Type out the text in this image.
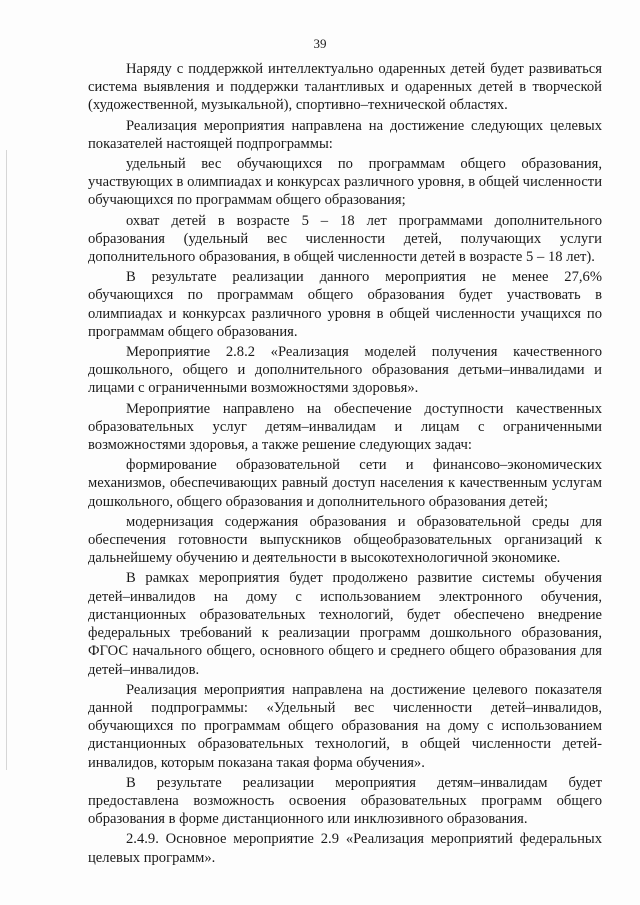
39

Наряду с поддержкой интеллектуально одаренных детей будет развиваться система выявления и поддержки талантливых и одаренных детей в творческой (художественной, музыкальной), спортивно–технической областях.

Реализация мероприятия направлена на достижение следующих целевых показателей настоящей подпрограммы:

удельный вес обучающихся по программам общего образования, участвующих в олимпиадах и конкурсах различного уровня, в общей численности обучающихся по программам общего образования;

охват детей в возрасте 5 – 18 лет программами дополнительного образования (удельный вес численности детей, получающих услуги дополнительного образования, в общей численности детей в возрасте 5 – 18 лет).

В результате реализации данного мероприятия не менее 27,6% обучающихся по программам общего образования будет участвовать в олимпиадах и конкурсах различного уровня в общей численности учащихся по программам общего образования.

Мероприятие 2.8.2 «Реализация моделей получения качественного дошкольного, общего и дополнительного образования детьми–инвалидами и лицами с ограниченными возможностями здоровья».

Мероприятие направлено на обеспечение доступности качественных образовательных услуг детям–инвалидам и лицам с ограниченными возможностями здоровья, а также решение следующих задач:

формирование образовательной сети и финансово–экономических механизмов, обеспечивающих равный доступ населения к качественным услугам дошкольного, общего образования и дополнительного образования детей;

модернизация содержания образования и образовательной среды для обеспечения готовности выпускников общеобразовательных организаций к дальнейшему обучению и деятельности в высокотехнологичной экономике.

В рамках мероприятия будет продолжено развитие системы обучения детей–инвалидов на дому с использованием электронного обучения, дистанционных образовательных технологий, будет обеспечено внедрение федеральных требований к реализации программ дошкольного образования, ФГОС начального общего, основного общего и среднего общего образования для детей–инвалидов.

Реализация мероприятия направлена на достижение целевого показателя данной подпрограммы: «Удельный вес численности детей–инвалидов, обучающихся по программам общего образования на дому с использованием дистанционных образовательных технологий, в общей численности детей-инвалидов, которым показана такая форма обучения».

В результате реализации мероприятия детям–инвалидам будет предоставлена возможность освоения образовательных программ общего образования в форме дистанционного или инклюзивного образования.

2.4.9. Основное мероприятие 2.9 «Реализация мероприятий федеральных целевых программ».
